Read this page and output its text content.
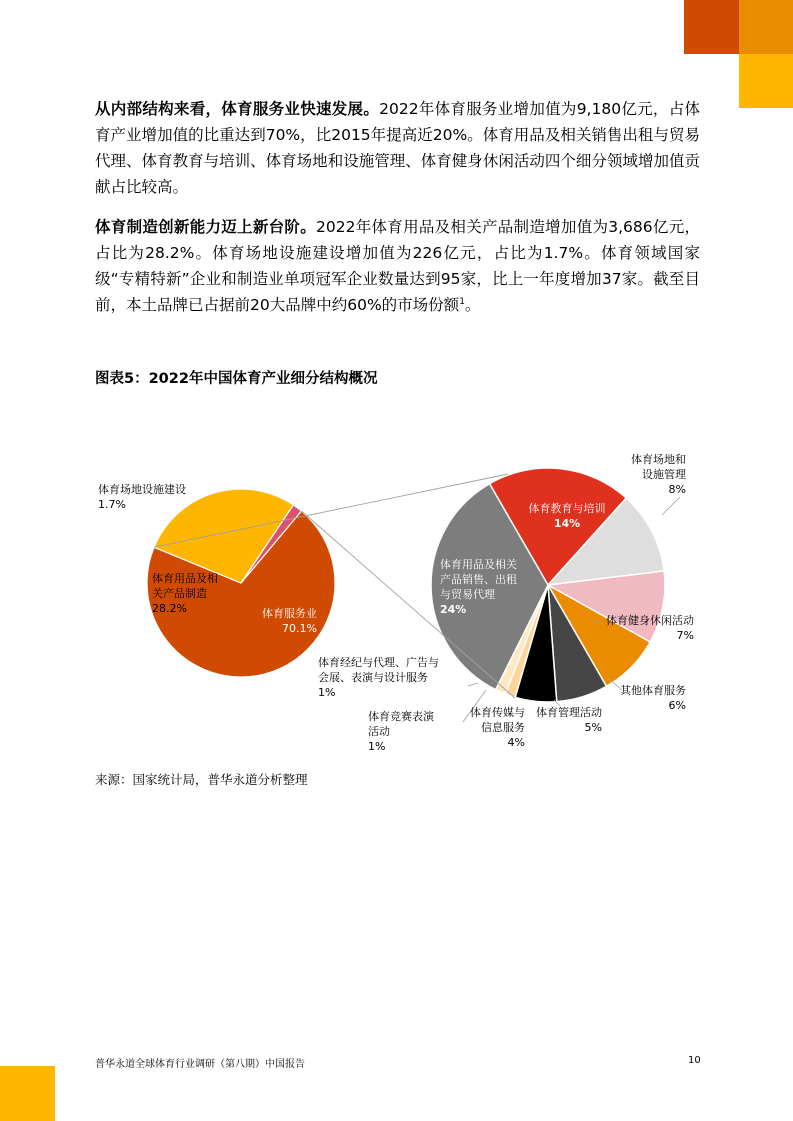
从内部结构来看，体育服务业快速发展。2022年体育服务业增加值为9,180亿元，占体育产业增加值的比重达到70%，比2015年提高近20%。体育用品及相关销售出租与贸易代理、体育教育与培训、体育场地和设施管理、体育健身休闲活动四个细分领域增加值贡献占比较高。
体育制造创新能力迈上新台阶。2022年体育用品及相关产品制造增加值为3,686亿元，占比为28.2%。体育场地设施建设增加值为226亿元，占比为1.7%。体育领域国家级“专精特新”企业和制造业单项冠军企业数量达到95家，比上一年度增加37家。截至目前，本土品牌已占据前20大品牌中约60%的市场份额$^1$。
图表5：2022年中国体育产业细分结构概况
体育场地设施建设 1.7%
体育用品及相关产品制造 28.2%	体育服务业 70.1%
体育教育与培训 14%
体育场地和设施管理 8%
体育健身休闲活动 7%
其他体育服务 6%
体育管理活动 5%
体育传媒与信息服务 4%
体育竞赛表演活动 1%
体育经纪与代理、广告与会展、表演与设计服务 1%
体育用品及相关产品销售、出租与贸易代理 24%
来源：国家统计局，普华永道分析整理
普华永道全球体育行业调研（第八期）中国报告	10
